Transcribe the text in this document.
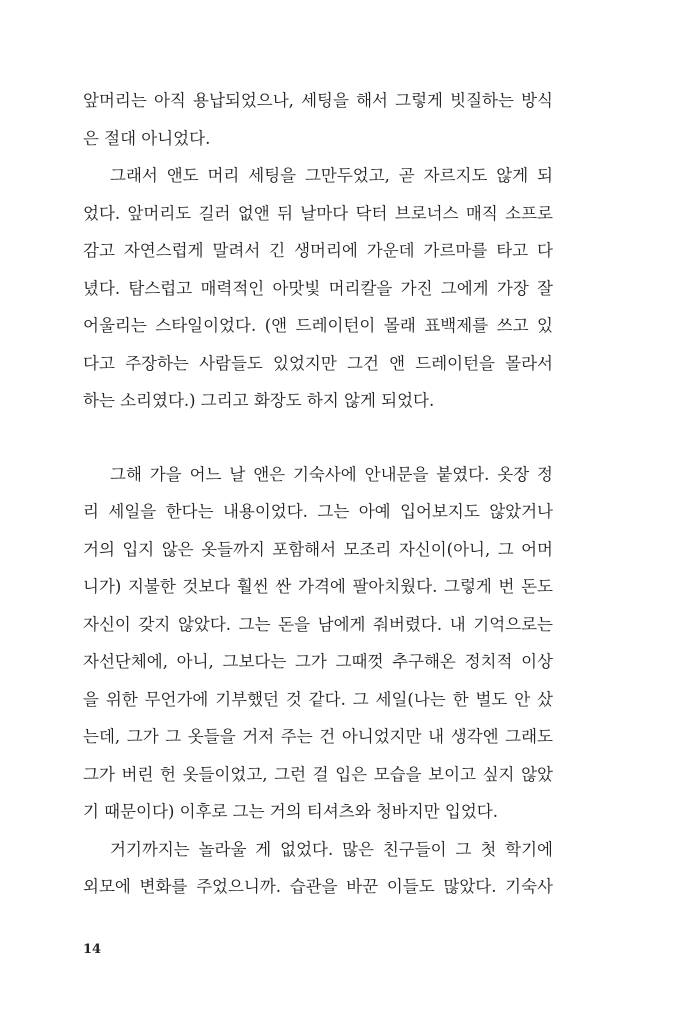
앞머리는 아직 용납되었으나, 세팅을 해서 그렇게 빗질하는 방식
은 절대 아니었다.
그래서 앤도 머리 세팅을 그만두었고, 곧 자르지도 않게 되
었다. 앞머리도 길러 없앤 뒤 날마다 닥터 브로너스 매직 소프로
감고 자연스럽게 말려서 긴 생머리에 가운데 가르마를 타고 다
녔다. 탐스럽고 매력적인 아맛빛 머리칼을 가진 그에게 가장 잘
어울리는 스타일이었다. (앤 드레이턴이 몰래 표백제를 쓰고 있
다고 주장하는 사람들도 있었지만 그건 앤 드레이턴을 몰라서
하는 소리였다.) 그리고 화장도 하지 않게 되었다.
그해 가을 어느 날 앤은 기숙사에 안내문을 붙였다. 옷장 정
리 세일을 한다는 내용이었다. 그는 아예 입어보지도 않았거나
거의 입지 않은 옷들까지 포함해서 모조리 자신이(아니, 그 어머
니가) 지불한 것보다 훨씬 싼 가격에 팔아치웠다. 그렇게 번 돈도
자신이 갖지 않았다. 그는 돈을 남에게 줘버렸다. 내 기억으로는
자선단체에, 아니, 그보다는 그가 그때껏 추구해온 정치적 이상
을 위한 무언가에 기부했던 것 같다. 그 세일(나는 한 벌도 안 샀
는데, 그가 그 옷들을 거저 주는 건 아니었지만 내 생각엔 그래도
그가 버린 헌 옷들이었고, 그런 걸 입은 모습을 보이고 싶지 않았
기 때문이다) 이후로 그는 거의 티셔츠와 청바지만 입었다.
거기까지는 놀라울 게 없었다. 많은 친구들이 그 첫 학기에
외모에 변화를 주었으니까. 습관을 바꾼 이들도 많았다. 기숙사
14
